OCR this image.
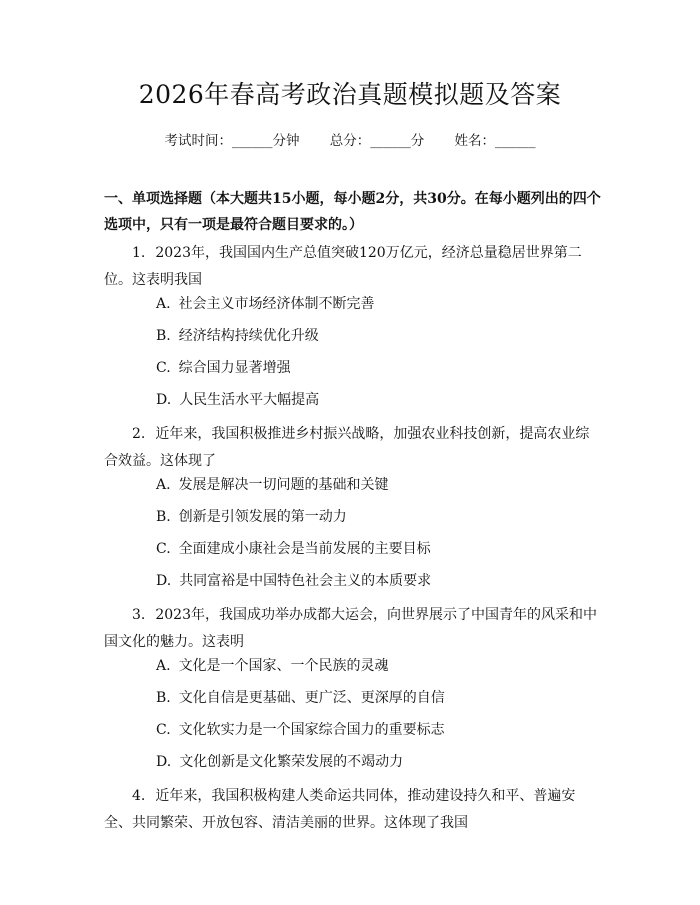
2026年春高考政治真题模拟题及答案
考试时间：______分钟 总分：______分 姓名：______
一、单项选择题（本大题共15小题，每小题2分，共30分。在每小题列出的四个选项中，只有一项是最符合题目要求的。）
1. 2023年，我国国内生产总值突破120万亿元，经济总量稳居世界第二位。这表明我国
A. 社会主义市场经济体制不断完善
B. 经济结构持续优化升级
C. 综合国力显著增强
D. 人民生活水平大幅提高
2. 近年来，我国积极推进乡村振兴战略，加强农业科技创新，提高农业综合效益。这体现了
A. 发展是解决一切问题的基础和关键
B. 创新是引领发展的第一动力
C. 全面建成小康社会是当前发展的主要目标
D. 共同富裕是中国特色社会主义的本质要求
3. 2023年，我国成功举办成都大运会，向世界展示了中国青年的风采和中国文化的魅力。这表明
A. 文化是一个国家、一个民族的灵魂
B. 文化自信是更基础、更广泛、更深厚的自信
C. 文化软实力是一个国家综合国力的重要标志
D. 文化创新是文化繁荣发展的不竭动力
4. 近年来，我国积极构建人类命运共同体，推动建设持久和平、普遍安全、共同繁荣、开放包容、清洁美丽的世界。这体现了我国
